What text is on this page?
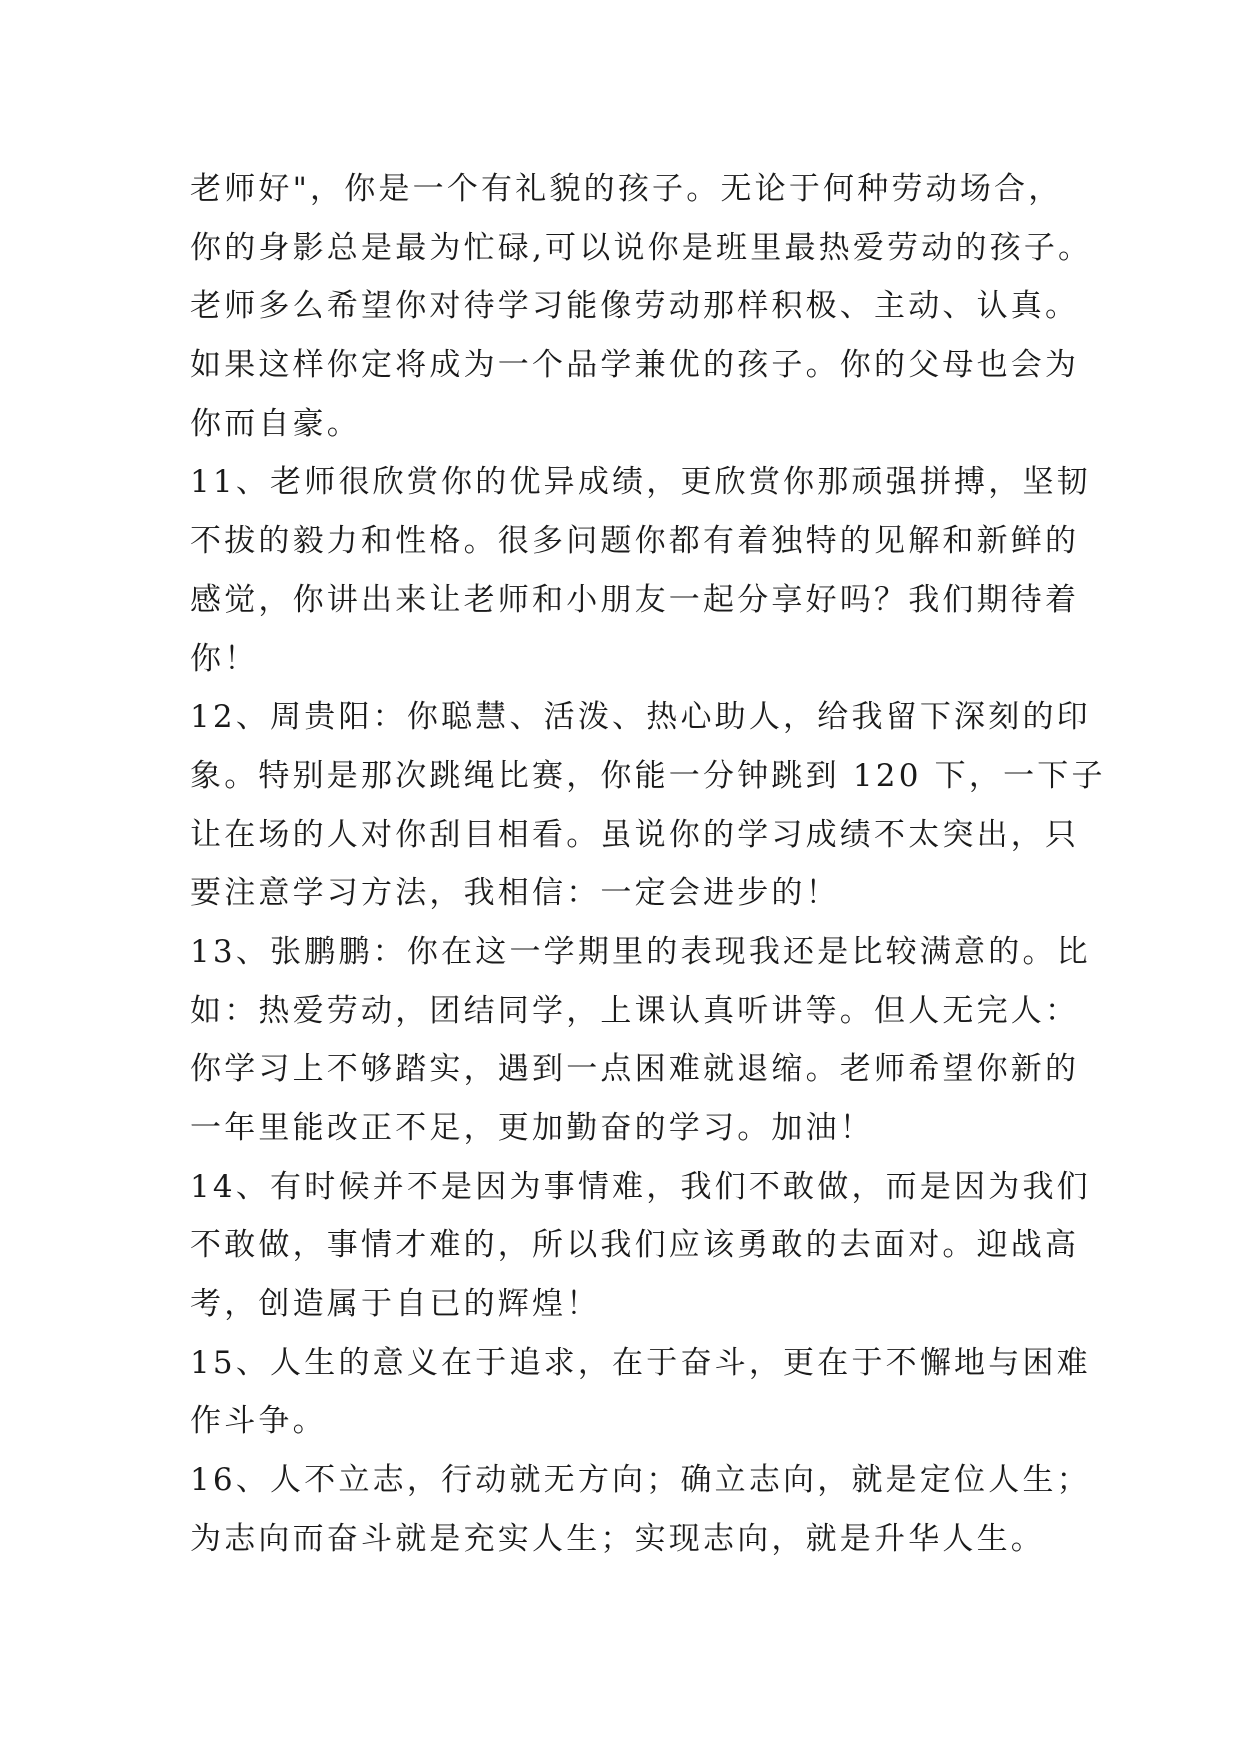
老师好"，你是一个有礼貌的孩子。无论于何种劳动场合，
你的身影总是最为忙碌,可以说你是班里最热爱劳动的孩子。
老师多么希望你对待学习能像劳动那样积极、主动、认真。
如果这样你定将成为一个品学兼优的孩子。你的父母也会为
你而自豪。
11、老师很欣赏你的优异成绩，更欣赏你那顽强拼搏，坚韧
不拔的毅力和性格。很多问题你都有着独特的见解和新鲜的
感觉，你讲出来让老师和小朋友一起分享好吗？我们期待着
你！
12、周贵阳：你聪慧、活泼、热心助人，给我留下深刻的印
象。特别是那次跳绳比赛，你能一分钟跳到 120 下，一下子
让在场的人对你刮目相看。虽说你的学习成绩不太突出，只
要注意学习方法，我相信：一定会进步的！
13、张鹏鹏：你在这一学期里的表现我还是比较满意的。比
如：热爱劳动，团结同学，上课认真听讲等。但人无完人：
你学习上不够踏实，遇到一点困难就退缩。老师希望你新的
一年里能改正不足，更加勤奋的学习。加油！
14、有时候并不是因为事情难，我们不敢做，而是因为我们
不敢做，事情才难的，所以我们应该勇敢的去面对。迎战高
考，创造属于自已的辉煌！
15、人生的意义在于追求，在于奋斗，更在于不懈地与困难
作斗争。
16、人不立志，行动就无方向；确立志向，就是定位人生；
为志向而奋斗就是充实人生；实现志向，就是升华人生。
